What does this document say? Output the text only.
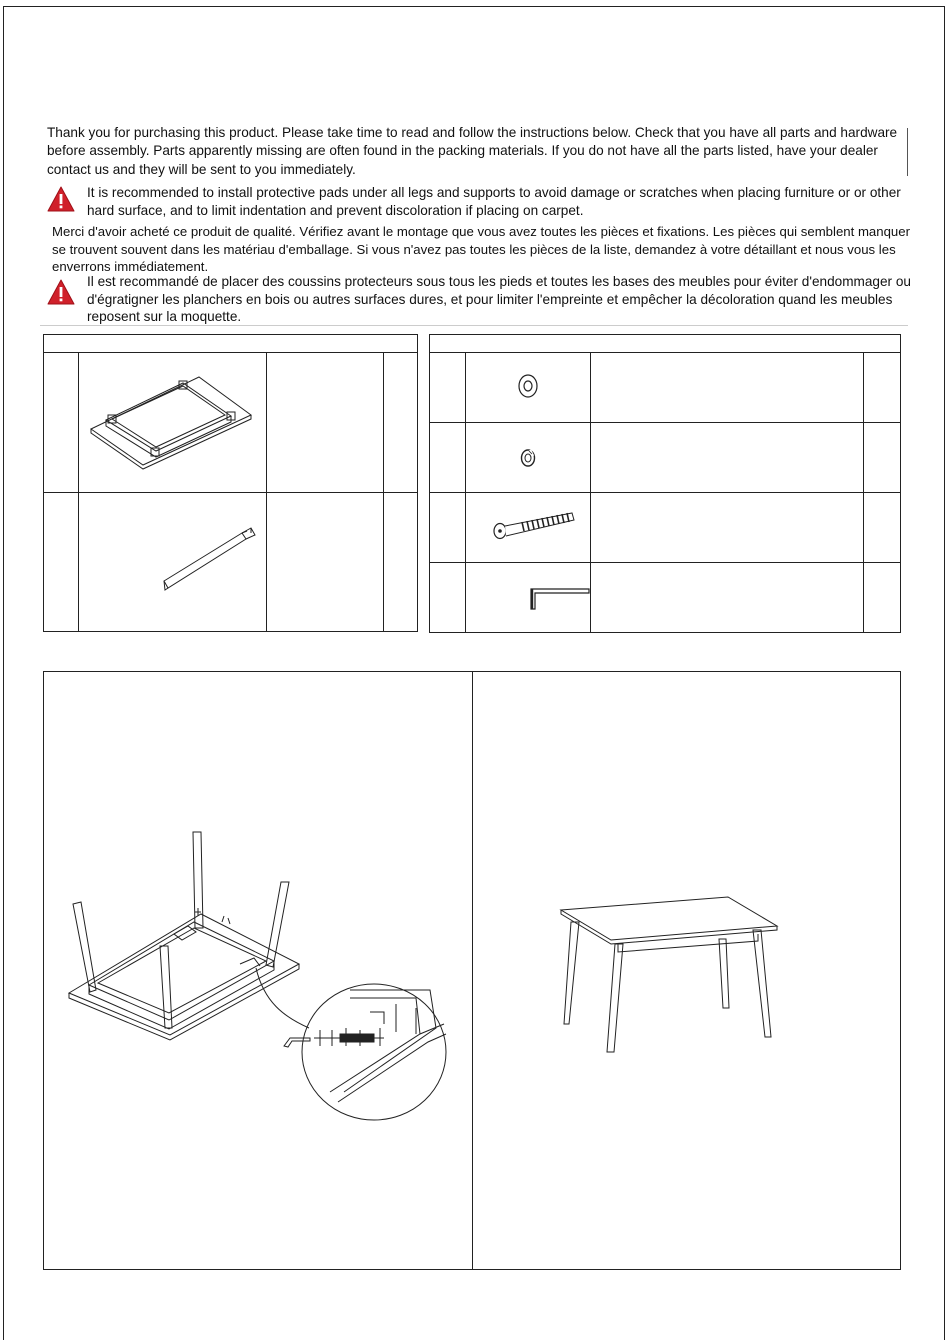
Thank you for purchasing this product. Please take time to read and follow the instructions below. Check that you have all parts and hardware before assembly. Parts apparently missing are often found in the packing materials. If you do not have all the parts listed, have your dealer contact us and they will be sent to you immediately.
It is recommended to install protective pads under all legs and supports to avoid damage or scratches when placing furniture or or other hard surface, and to limit indentation and prevent discoloration if placing on carpet.
Merci d'avoir acheté ce produit de qualité. Vérifiez avant le montage que vous avez toutes les pièces et fixations. Les pièces qui semblent manquer se trouvent souvent dans les matériau d'emballage. Si vous n'avez pas toutes les pièces de la liste, demandez à votre détaillant et nous vous les enverrons immédiatement.
Il est recommandé de placer des coussins protecteurs sous tous les pieds et toutes les bases des meubles pour éviter d'endommager ou d'égratigner les planchers en bois ou autres surfaces dures, et pour limiter l'empreinte et empêcher la décoloration quand les meubles reposent sur la moquette.
